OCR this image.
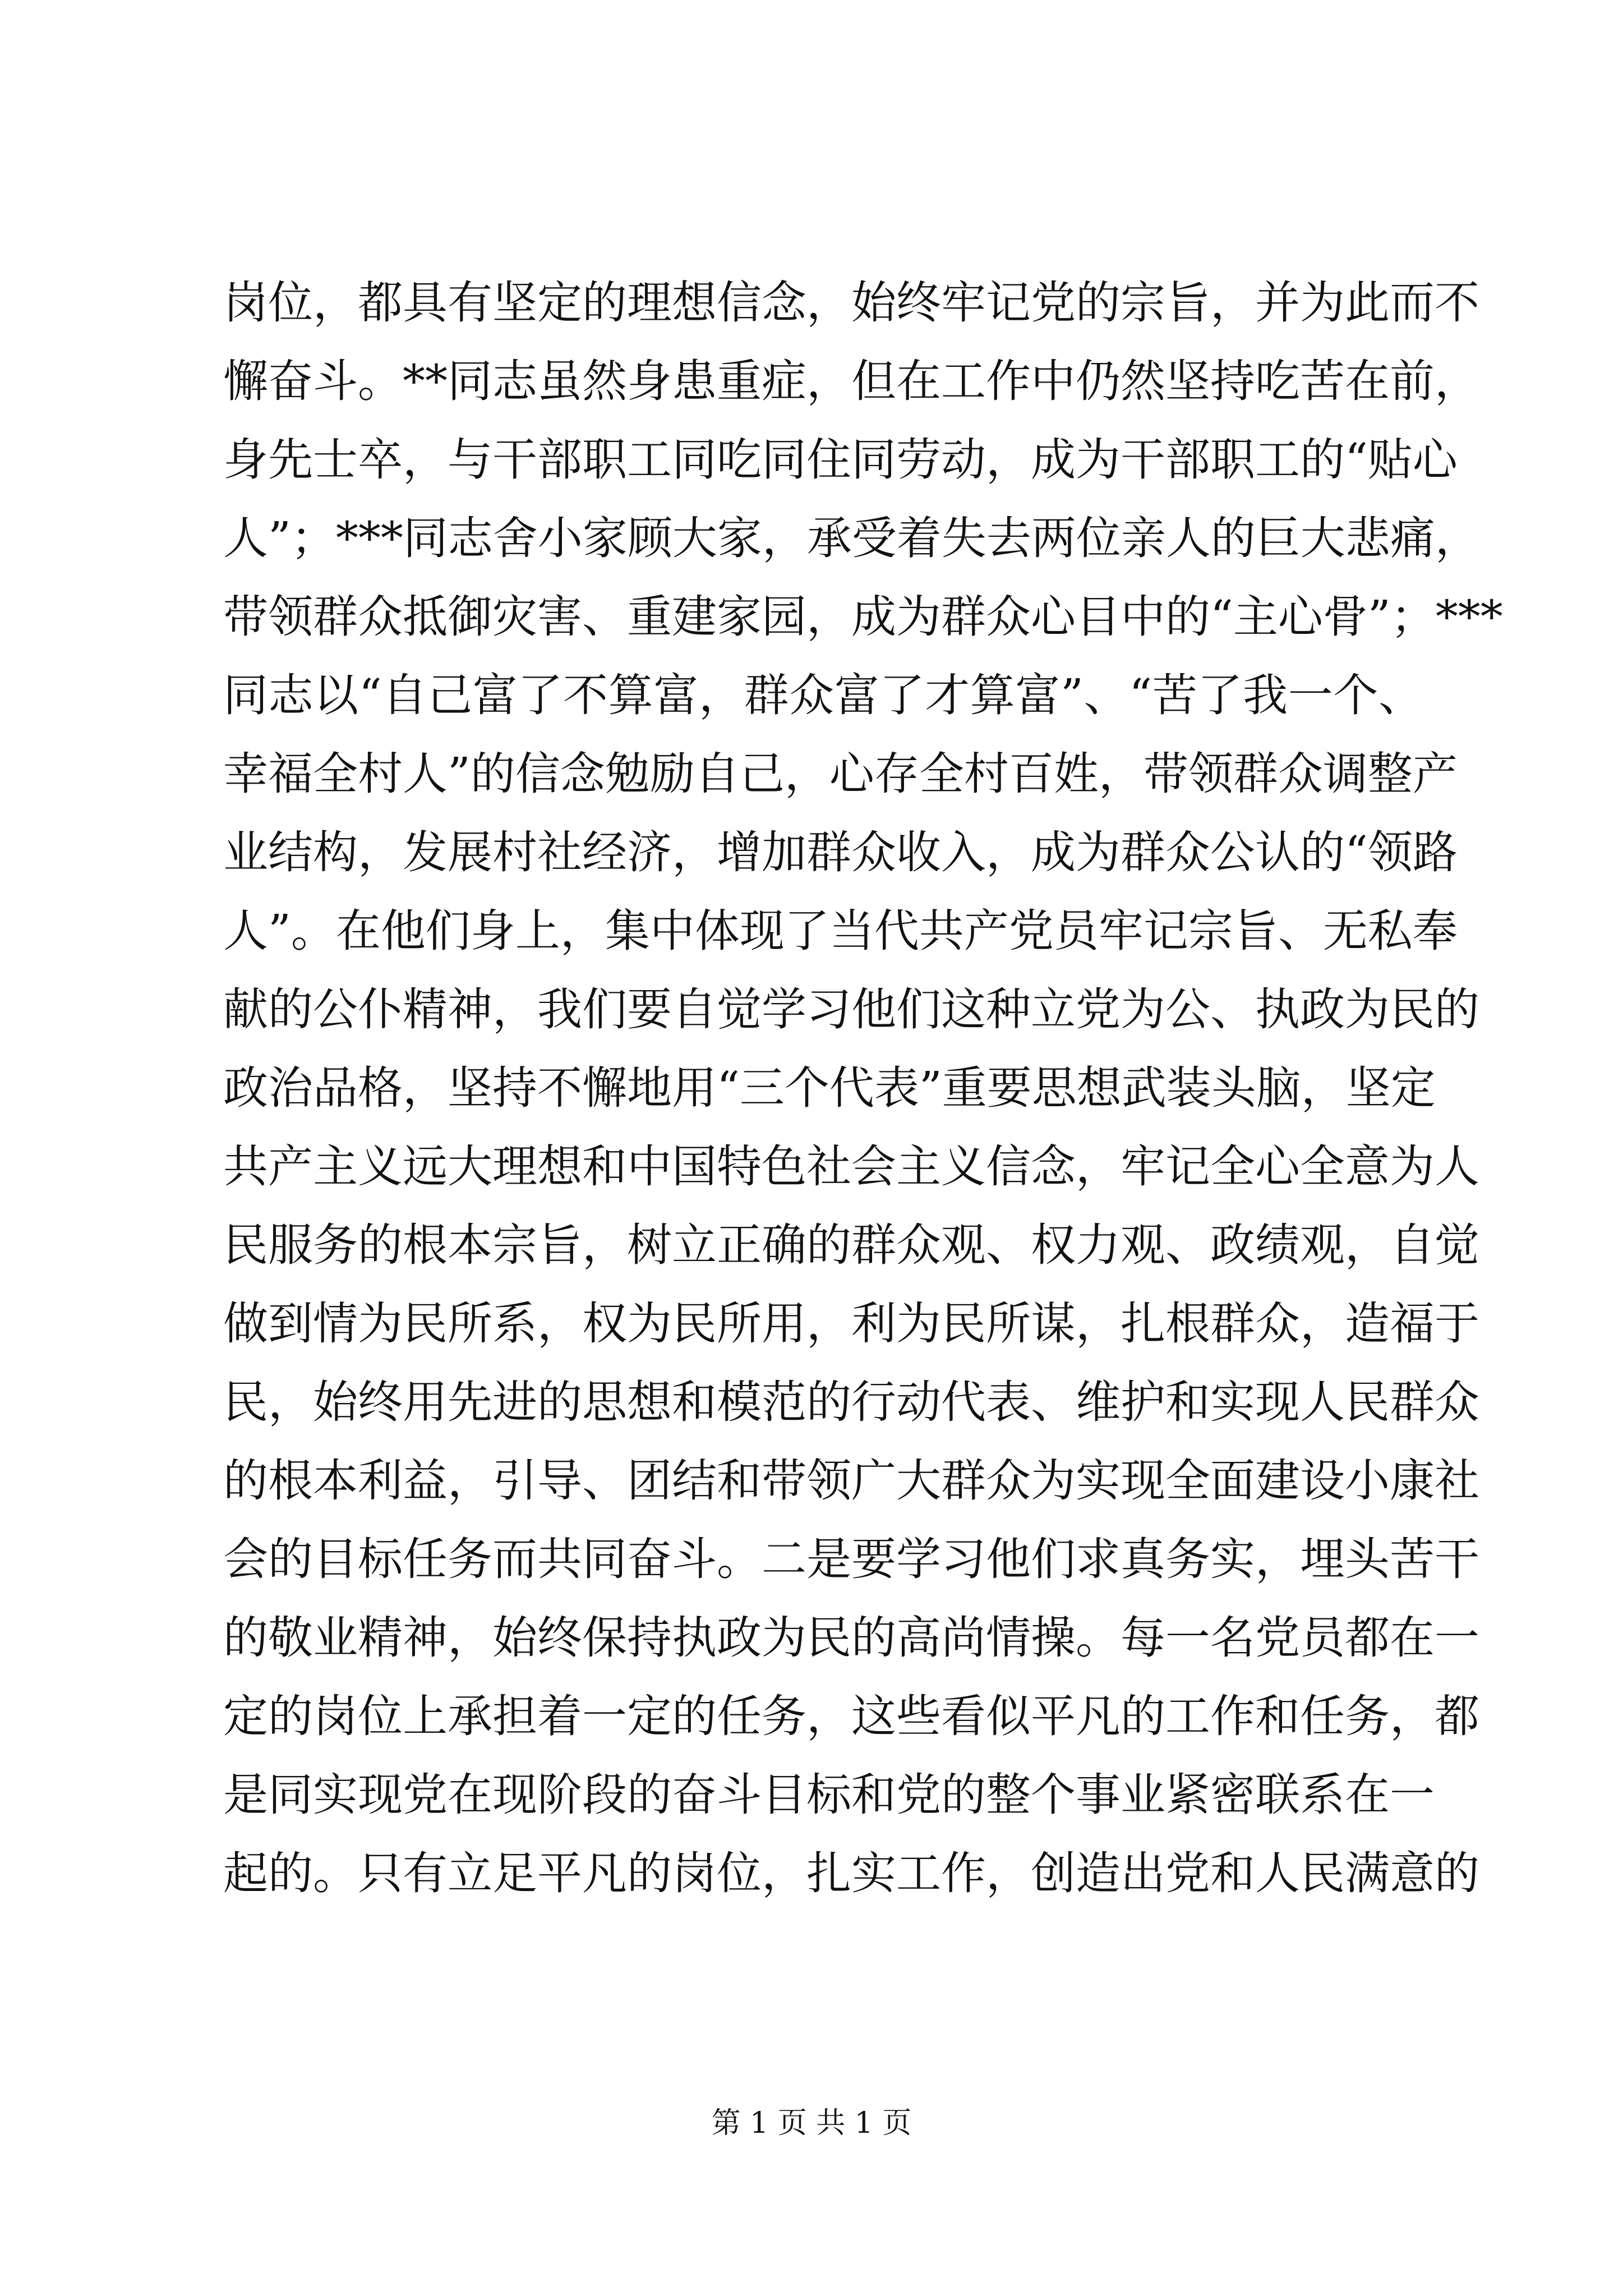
岗位，都具有坚定的理想信念，始终牢记党的宗旨，并为此而不
懈奋斗。**同志虽然身患重症，但在工作中仍然坚持吃苦在前，
身先士卒，与干部职工同吃同住同劳动，成为干部职工的“贴心
人”；***同志舍小家顾大家，承受着失去两位亲人的巨大悲痛，
带领群众抵御灾害、重建家园，成为群众心目中的“主心骨”；***
同志以“自己富了不算富，群众富了才算富”、“苦了我一个、
幸福全村人”的信念勉励自己，心存全村百姓，带领群众调整产
业结构，发展村社经济，增加群众收入，成为群众公认的“领路
人”。在他们身上，集中体现了当代共产党员牢记宗旨、无私奉
献的公仆精神，我们要自觉学习他们这种立党为公、执政为民的
政治品格，坚持不懈地用“三个代表”重要思想武装头脑，坚定
共产主义远大理想和中国特色社会主义信念，牢记全心全意为人
民服务的根本宗旨，树立正确的群众观、权力观、政绩观，自觉
做到情为民所系，权为民所用，利为民所谋，扎根群众，造福于
民，始终用先进的思想和模范的行动代表、维护和实现人民群众
的根本利益，引导、团结和带领广大群众为实现全面建设小康社
会的目标任务而共同奋斗。二是要学习他们求真务实，埋头苦干
的敬业精神，始终保持执政为民的高尚情操。每一名党员都在一
定的岗位上承担着一定的任务，这些看似平凡的工作和任务，都
是同实现党在现阶段的奋斗目标和党的整个事业紧密联系在一
起的。只有立足平凡的岗位，扎实工作，创造出党和人民满意的
第 1 页 共 1 页
